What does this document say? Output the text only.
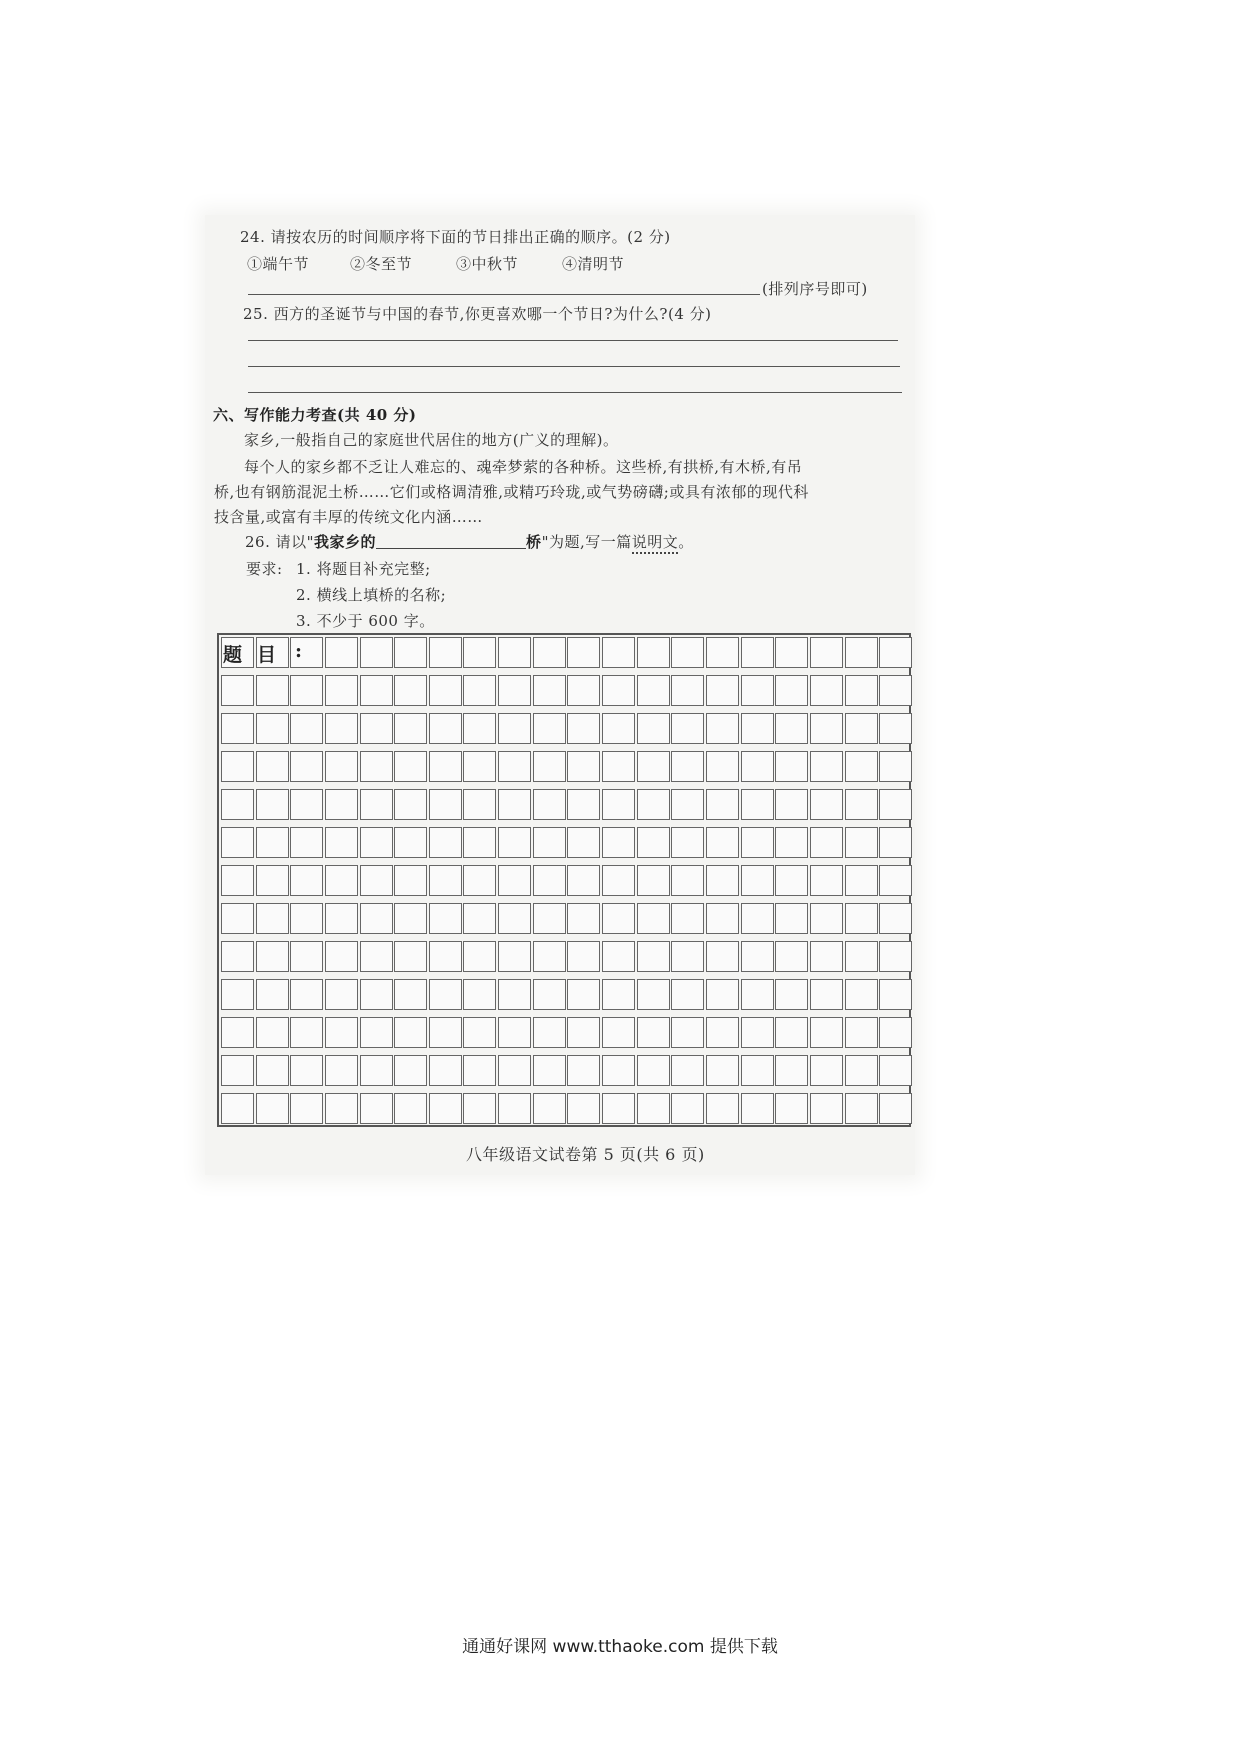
24. 请按农历的时间顺序将下面的节日排出正确的顺序。(2 分)
①端午节	②冬至节	③中秋节	④清明节
(排列序号即可)
25. 西方的圣诞节与中国的春节,你更喜欢哪一个节日?为什么?(4 分)
六、写作能力考查(共 40 分)
家乡,一般指自己的家庭世代居住的地方(广义的理解)。
每个人的家乡都不乏让人难忘的、魂牵梦萦的各种桥。这些桥,有拱桥,有木桥,有吊
桥,也有钢筋混泥土桥……它们或格调清雅,或精巧玲珑,或气势磅礴;或具有浓郁的现代科
技含量,或富有丰厚的传统文化内涵……
26. 请以"我家乡的	桥"为题,写一篇说明文。
要求: 1. 将题目补充完整;
2. 横线上填桥的名称;
3. 不少于 600 字。
题 目 :
八年级语文试卷第 5 页(共 6 页)
通通好课网 www.tthaoke.com 提供下载
